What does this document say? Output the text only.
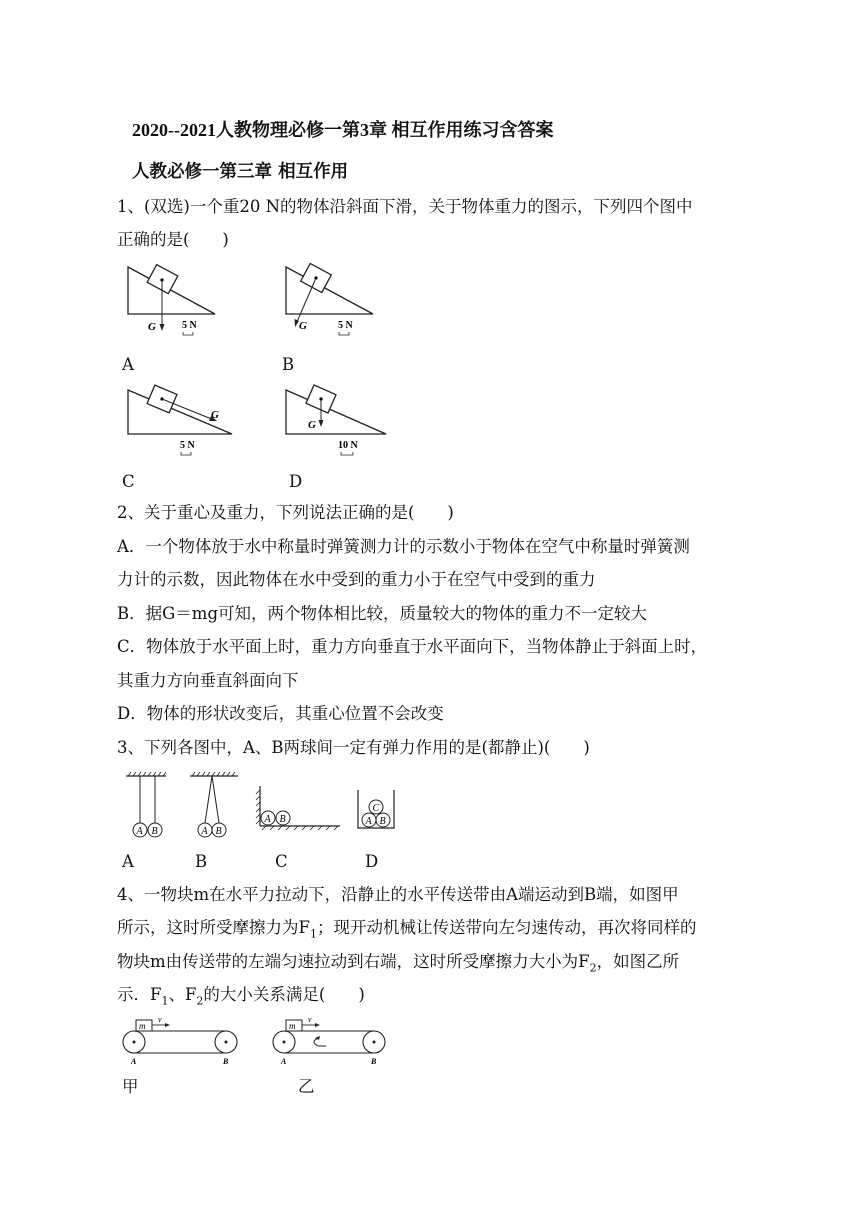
2020--2021人教物理必修一第3章 相互作用练习含答案
人教必修一第三章 相互作用
1、(双选)一个重20 N的物体沿斜面下滑，关于物体重力的图示，下列四个图中
正确的是(　　)
G	5 N
A
G	5 N
B
G
5 N
C
G
10 N
D
2、关于重心及重力，下列说法正确的是(　　)
A．一个物体放于水中称量时弹簧测力计的示数小于物体在空气中称量时弹簧测
力计的示数，因此物体在水中受到的重力小于在空气中受到的重力
B．据G＝mg可知，两个物体相比较，质量较大的物体的重力不一定较大
C．物体放于水平面上时，重力方向垂直于水平面向下，当物体静止于斜面上时，
其重力方向垂直斜面向下
D．物体的形状改变后，其重心位置不会改变
3、下列各图中，A、B两球间一定有弹力作用的是(都静止)(　　)
A B	A B
A B	A B
C
A	B	C	D
4、一物块m在水平力拉动下，沿静止的水平传送带由A端运动到B端，如图甲
所示，这时所受摩擦力为$F_1$；现开动机械让传送带向左匀速传动，再次将同样的
物块m由传送带的左端匀速拉动到右端，这时所受摩擦力大小为$F_2$，如图乙所
示．$F_1$、$F_2$的大小关系满足(　　)
m
v
A	B
甲
m
v
A	B
乙
